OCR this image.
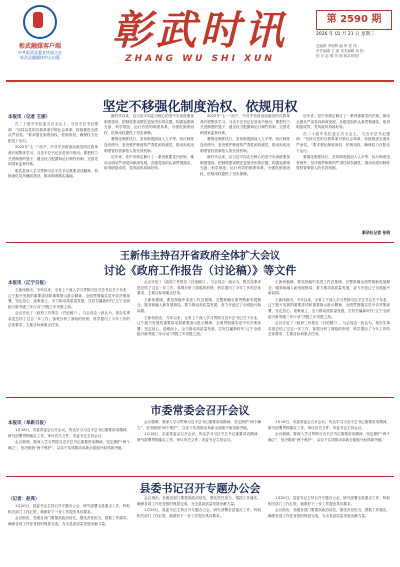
彰武融媒客户端
中共彰武县委宣传部主办
彰武县融媒体中心出版
彰武时讯
ZHANG WU SHI XUN
第 2590 期
2026 年 01 月 21 日 星期三
总编辑 李明辉 编 审 张 伟
责任编辑 王 丽 美术编辑 刘 阳
校 对 赵 敏 印 刷 彰武印刷厂
坚定不移强化制度治权、依规用权
本报讯（记者 王丽）

在二十届中央纪委五次全会上，习近平总书记强调：“坚持以党的自我革命引领社会革命，持续推进全面从严治党。”要求强化制度治权、依规用权，确保权力在阳光下运行。

2025年“七一”前夕，中共中央政治局就党的自我革命开展集体学习，习近平总书记在讲话中指出，要把权力关进制度的笼子，健全权力配置和运行制约机制，完善党和国家监督体系。

彰武县深入学习贯彻习近平总书记重要讲话精神，持续深化党风廉政建设，推动制度落实落地。

新时代以来，以习近平同志为核心的党中央高度重视制度建设，把制度建设摆在更加突出的位置，构建起系统完备、科学规范、运行有效的制度体系，为强化制度治权、依规用权提供了坚实保障。

要强化制度执行，坚持制度面前人人平等、执行制度没有例外，坚决维护制度的严肃性和权威性，推动形成用制度管权管事管人的长效机制。

近年来，党中央制定修订了一系列重要党内法规，推动全面从严治党向纵深发展，各级党组织认真贯彻落实，取得明显成效，党风政风持续好转。

2025年“七一”前夕，中共中央政治局就党的自我革命开展集体学习，习近平总书记在讲话中指出，要把权力关进制度的笼子，健全权力配置和运行制约机制，完善党和国家监督体系。

要强化制度执行，坚持制度面前人人平等、执行制度没有例外，坚决维护制度的严肃性和权威性，推动形成用制度管权管事管人的长效机制。

新时代以来，以习近平同志为核心的党中央高度重视制度建设，把制度建设摆在更加突出的位置，构建起系统完备、科学规范、运行有效的制度体系，为强化制度治权、依规用权提供了坚实保障。

近年来，党中央制定修订了一系列重要党内法规，推动全面从严治党向纵深发展，各级党组织认真贯彻落实，取得明显成效，党风政风持续好转。

在二十届中央纪委五次全会上，习近平总书记强调：“坚持以党的自我革命引领社会革命，持续推进全面从严治党。”要求强化制度治权、依规用权，确保权力在阳光下运行。

要强化制度执行，坚持制度面前人人平等、执行制度没有例外，坚决维护制度的严肃性和权威性，推动形成用制度管权管事管人的长效机制。

新华社记者 张明
王新伟主持召开省政府全体扩大会议
讨论《政府工作报告（讨论稿）》等文件
本报讯（辽宁日报）

王新伟指出，今年以来，全省上下深入学习贯彻习近平总书记关于东北、辽宁振兴发展的重要讲话和重要指示批示精神，全面贯彻落实党中央决策部署，坚定信心、迎难而上，全力推动高质量发展，打好打赢新时代“辽宁全面振兴新突破三年行动”决胜之年决胜之战。

会议讨论了《政府工作报告（讨论稿）》。与会同志一致认为，报告实事求是总结了过去一年工作，客观分析了面临的形势，科学提出了今年工作的总体要求、主要目标和重点任务。

会议讨论了《政府工作报告（讨论稿）》。与会同志一致认为，报告实事求是总结了过去一年工作，客观分析了面临的形势，科学提出了今年工作的总体要求、主要目标和重点任务。

王新伟强调，要坚持稳中求进工作总基调，完整准确全面贯彻新发展理念，服务和融入新发展格局，着力推动高质量发展，奋力开创辽宁全面振兴新局面。

王新伟指出，今年以来，全省上下深入学习贯彻习近平总书记关于东北、辽宁振兴发展的重要讲话和重要指示批示精神，全面贯彻落实党中央决策部署，坚定信心、迎难而上，全力推动高质量发展，打好打赢新时代“辽宁全面振兴新突破三年行动”决胜之年决胜之战。

王新伟强调，要坚持稳中求进工作总基调，完整准确全面贯彻新发展理念，服务和融入新发展格局，着力推动高质量发展，奋力开创辽宁全面振兴新局面。

王新伟指出，今年以来，全省上下深入学习贯彻习近平总书记关于东北、辽宁振兴发展的重要讲话和重要指示批示精神，全面贯彻落实党中央决策部署，坚定信心、迎难而上，全力推动高质量发展，打好打赢新时代“辽宁全面振兴新突破三年行动”决胜之年决胜之战。

会议讨论了《政府工作报告（讨论稿）》。与会同志一致认为，报告实事求是总结了过去一年工作，客观分析了面临的形势，科学提出了今年工作的总体要求、主要目标和重点任务。

市委常委会召开会议
本报讯（阜新日报）

1月18日，市委常委会召开会议，传达学习习近平总书记重要讲话精神，研究部署贯彻落实工作，审议有关文件。市委书记主持会议。

会议强调，要深入学习贯彻习近平总书记重要讲话精神，坚定拥护“两个确立”、坚决做到“两个维护”，以实干实绩推动阜新全面振兴取得新突破。

会议强调，要深入学习贯彻习近平总书记重要讲话精神，坚定拥护“两个确立”、坚决做到“两个维护”，以实干实绩推动阜新全面振兴取得新突破。

1月18日，市委常委会召开会议，传达学习习近平总书记重要讲话精神，研究部署贯彻落实工作，审议有关文件。市委书记主持会议。

1月18日，市委常委会召开会议，传达学习习近平总书记重要讲话精神，研究部署贯彻落实工作，审议有关文件。市委书记主持会议。

会议强调，要深入学习贯彻习近平总书记重要讲话精神，坚定拥护“两个确立”、坚决做到“两个维护”，以实干实绩推动阜新全面振兴取得新突破。

县委书记召开专题办公会
（记者：赵亮）

1月20日，县委书记主持召开专题办公会，研究部署全县重点工作，听取相关部门工作汇报，就做好下一步工作提出具体要求。

会议指出，各级各部门要提高政治站位，强化责任担当，狠抓工作落实，确保各项工作任务按时保质完成，为全县高质量发展贡献力量。

会议指出，各级各部门要提高政治站位，强化责任担当，狠抓工作落实，确保各项工作任务按时保质完成，为全县高质量发展贡献力量。

1月20日，县委书记主持召开专题办公会，研究部署全县重点工作，听取相关部门工作汇报，就做好下一步工作提出具体要求。

1月20日，县委书记主持召开专题办公会，研究部署全县重点工作，听取相关部门工作汇报，就做好下一步工作提出具体要求。

会议指出，各级各部门要提高政治站位，强化责任担当，狠抓工作落实，确保各项工作任务按时保质完成，为全县高质量发展贡献力量。
